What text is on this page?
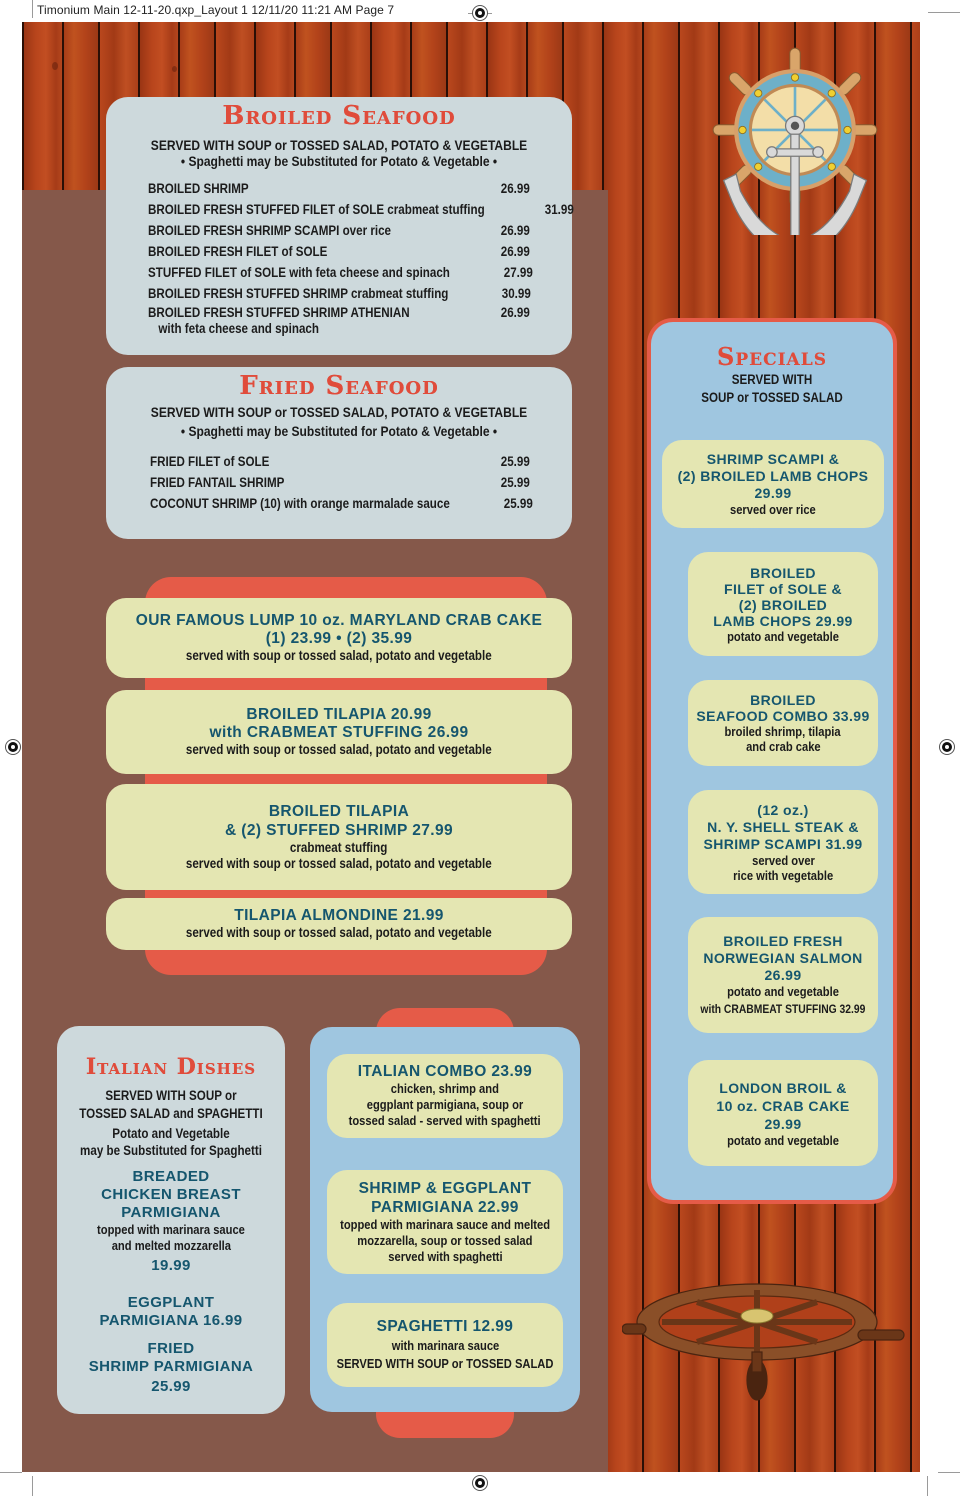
Timonium Main 12-11-20.qxp_Layout 1 12/11/20 11:21 AM Page 7
Broiled Seafood
SERVED WITH SOUP or TOSSED SALAD, POTATO & VEGETABLE
• Spaghetti may be Substituted for Potato & Vegetable •
BROILED SHRIMP	26.99
BROILED FRESH STUFFED FILET of SOLE crabmeat stuffing	31.99
BROILED FRESH SHRIMP SCAMPI over rice	26.99
BROILED FRESH FILET of SOLE	26.99
STUFFED FILET of SOLE with feta cheese and spinach	27.99
BROILED FRESH STUFFED SHRIMP crabmeat stuffing	30.99
BROILED FRESH STUFFED SHRIMP ATHENIAN	26.99
with feta cheese and spinach
Fried Seafood
SERVED WITH SOUP or TOSSED SALAD, POTATO & VEGETABLE
• Spaghetti may be Substituted for Potato & Vegetable •
FRIED FILET of SOLE	25.99
FRIED FANTAIL SHRIMP	25.99
COCONUT SHRIMP (10) with orange marmalade sauce	25.99
OUR FAMOUS LUMP 10 oz. MARYLAND CRAB CAKE
(1) 23.99 • (2) 35.99
served with soup or tossed salad, potato and vegetable
BROILED TILAPIA 20.99
with CRABMEAT STUFFING 26.99
served with soup or tossed salad, potato and vegetable
BROILED TILAPIA
& (2) STUFFED SHRIMP 27.99
crabmeat stuffing
served with soup or tossed salad, potato and vegetable
TILAPIA ALMONDINE 21.99
served with soup or tossed salad, potato and vegetable
Specials
SERVED WITH
SOUP or TOSSED SALAD
SHRIMP SCAMPI &
(2) BROILED LAMB CHOPS
29.99
served over rice
BROILED
FILET of SOLE &
(2) BROILED
LAMB CHOPS 29.99
potato and vegetable
BROILED
SEAFOOD COMBO 33.99
broiled shrimp, tilapia
and crab cake
(12 oz.)
N. Y. SHELL STEAK &
SHRIMP SCAMPI 31.99
served over
rice with vegetable
BROILED FRESH
NORWEGIAN SALMON
26.99
potato and vegetable
with CRABMEAT STUFFING 32.99
LONDON BROIL &
10 oz. CRAB CAKE
29.99
potato and vegetable
Italian Dishes
SERVED WITH SOUP or
TOSSED SALAD and SPAGHETTI
Potato and Vegetable
may be Substituted for Spaghetti
BREADED
CHICKEN BREAST
PARMIGIANA
topped with marinara sauce
and melted mozzarella
19.99
EGGPLANT
PARMIGIANA 16.99
FRIED
SHRIMP PARMIGIANA
25.99
ITALIAN COMBO 23.99
chicken, shrimp and
eggplant parmigiana, soup or
tossed salad - served with spaghetti
SHRIMP & EGGPLANT
PARMIGIANA 22.99
topped with marinara sauce and melted
mozzarella, soup or tossed salad
served with spaghetti
SPAGHETTI 12.99
with marinara sauce
SERVED WITH SOUP or TOSSED SALAD
